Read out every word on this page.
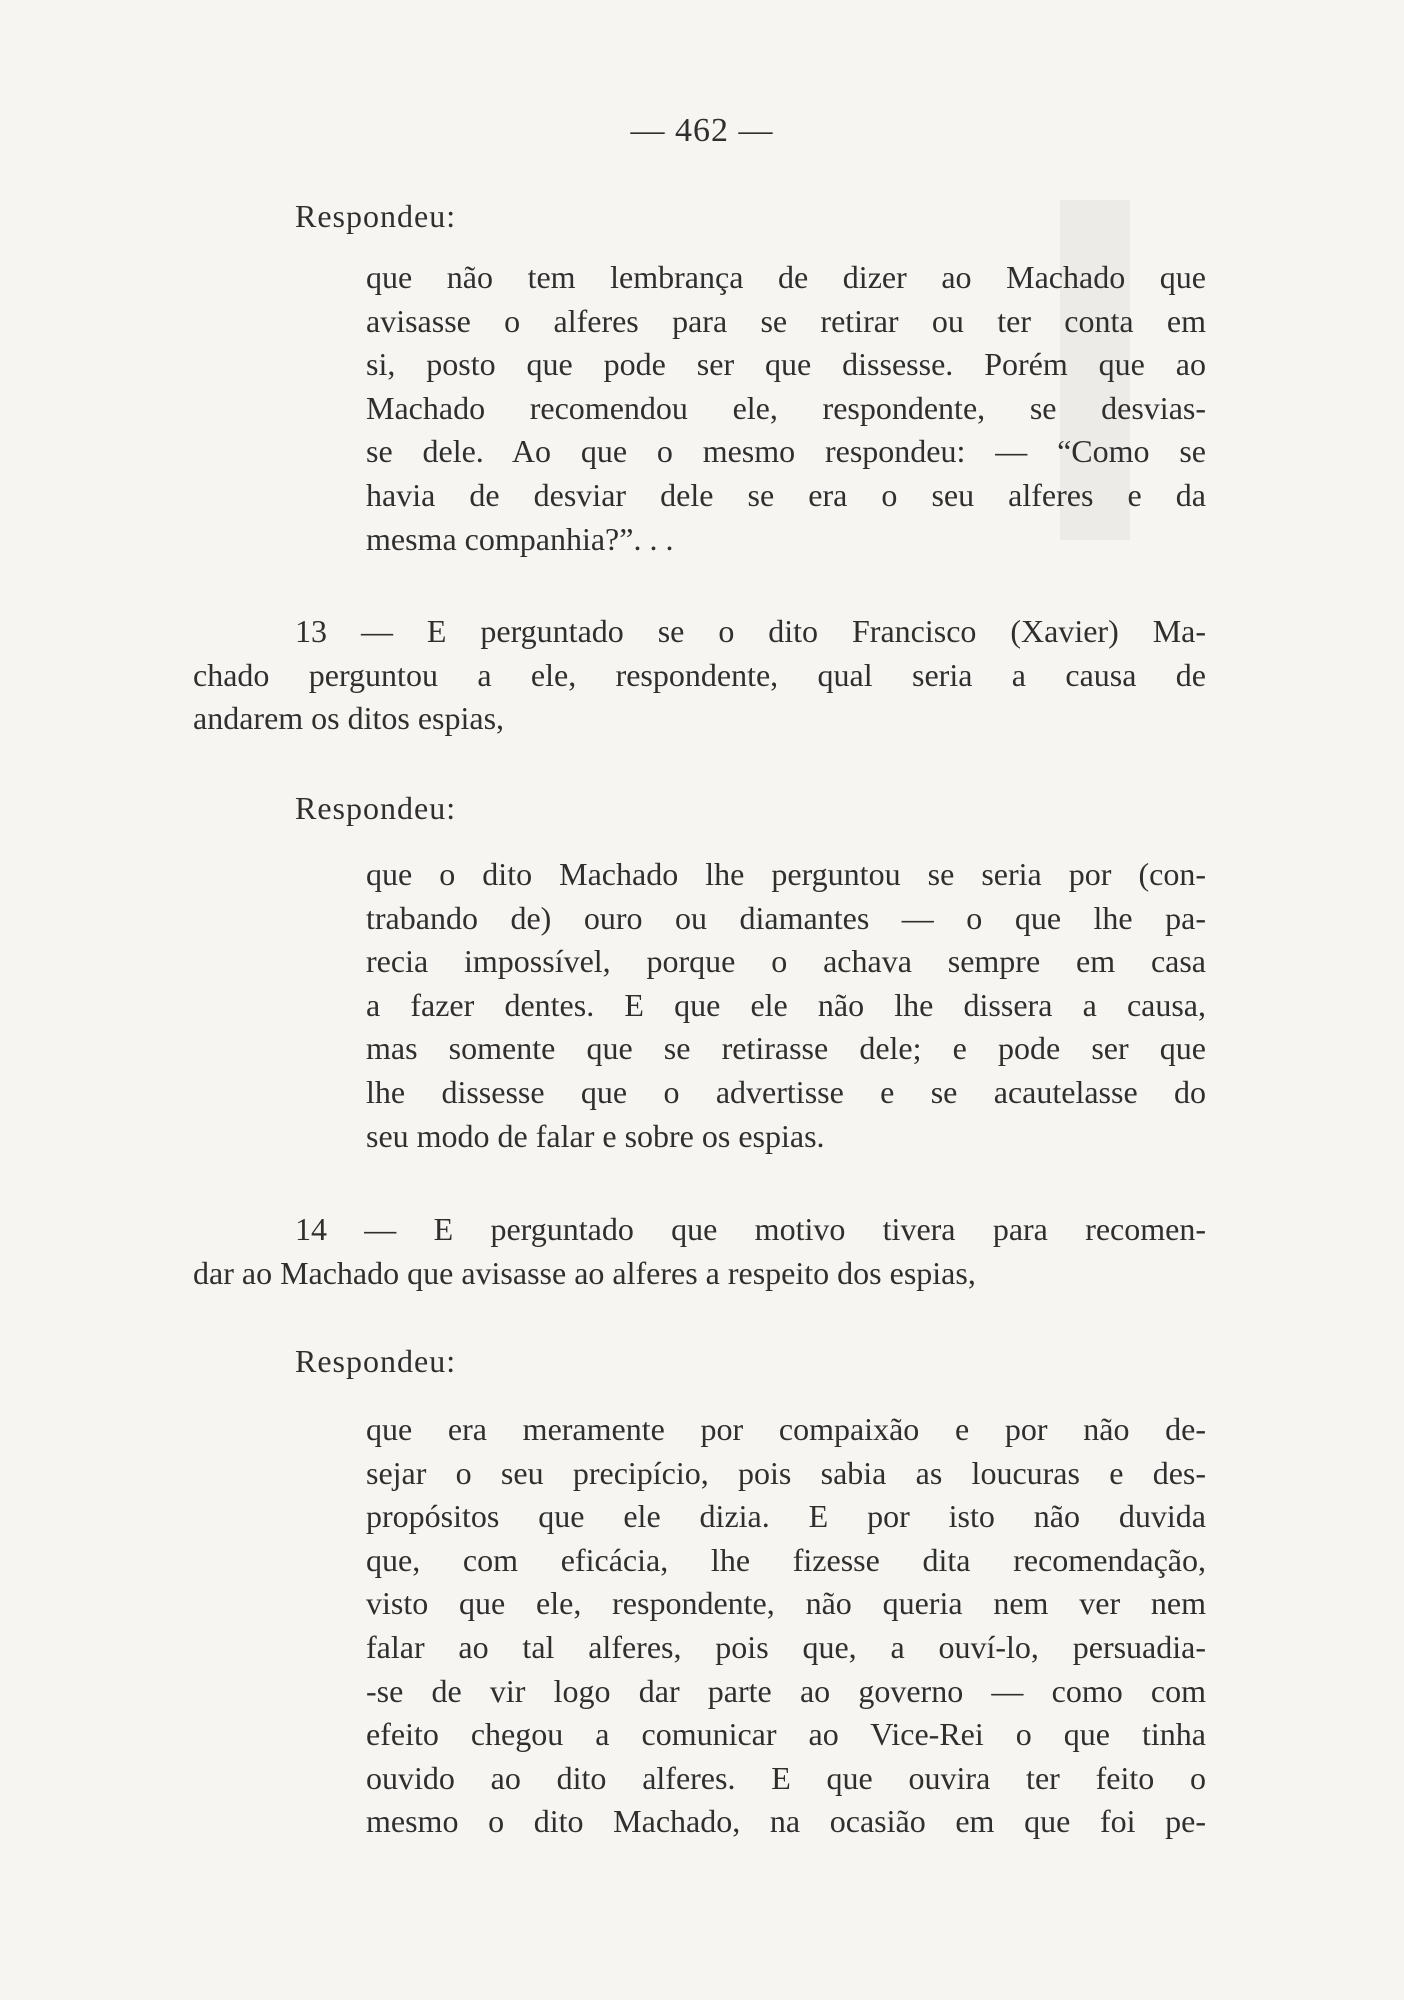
— 462 —
Respondeu:
que não tem lembrança de dizer ao Machado que
avisasse o alferes para se retirar ou ter conta em
si, posto que pode ser que dissesse. Porém que ao
Machado recomendou ele, respondente, se desvias-
se dele. Ao que o mesmo respondeu: — “Como se
havia de desviar dele se era o seu alferes e da
mesma companhia?”. . .
13 — E perguntado se o dito Francisco (Xavier) Ma-
chado perguntou a ele, respondente, qual seria a causa de
andarem os ditos espias,
Respondeu:
que o dito Machado lhe perguntou se seria por (con-
trabando de) ouro ou diamantes — o que lhe pa-
recia impossível, porque o achava sempre em casa
a fazer dentes. E que ele não lhe dissera a causa,
mas somente que se retirasse dele; e pode ser que
lhe dissesse que o advertisse e se acautelasse do
seu modo de falar e sobre os espias.
14 — E perguntado que motivo tivera para recomen-
dar ao Machado que avisasse ao alferes a respeito dos espias,
Respondeu:
que era meramente por compaixão e por não de-
sejar o seu precipício, pois sabia as loucuras e des-
propósitos que ele dizia. E por isto não duvida
que, com eficácia, lhe fizesse dita recomendação,
visto que ele, respondente, não queria nem ver nem
falar ao tal alferes, pois que, a ouví-lo, persuadia-
-se de vir logo dar parte ao governo — como com
efeito chegou a comunicar ao Vice-Rei o que tinha
ouvido ao dito alferes. E que ouvira ter feito o
mesmo o dito Machado, na ocasião em que foi pe-
